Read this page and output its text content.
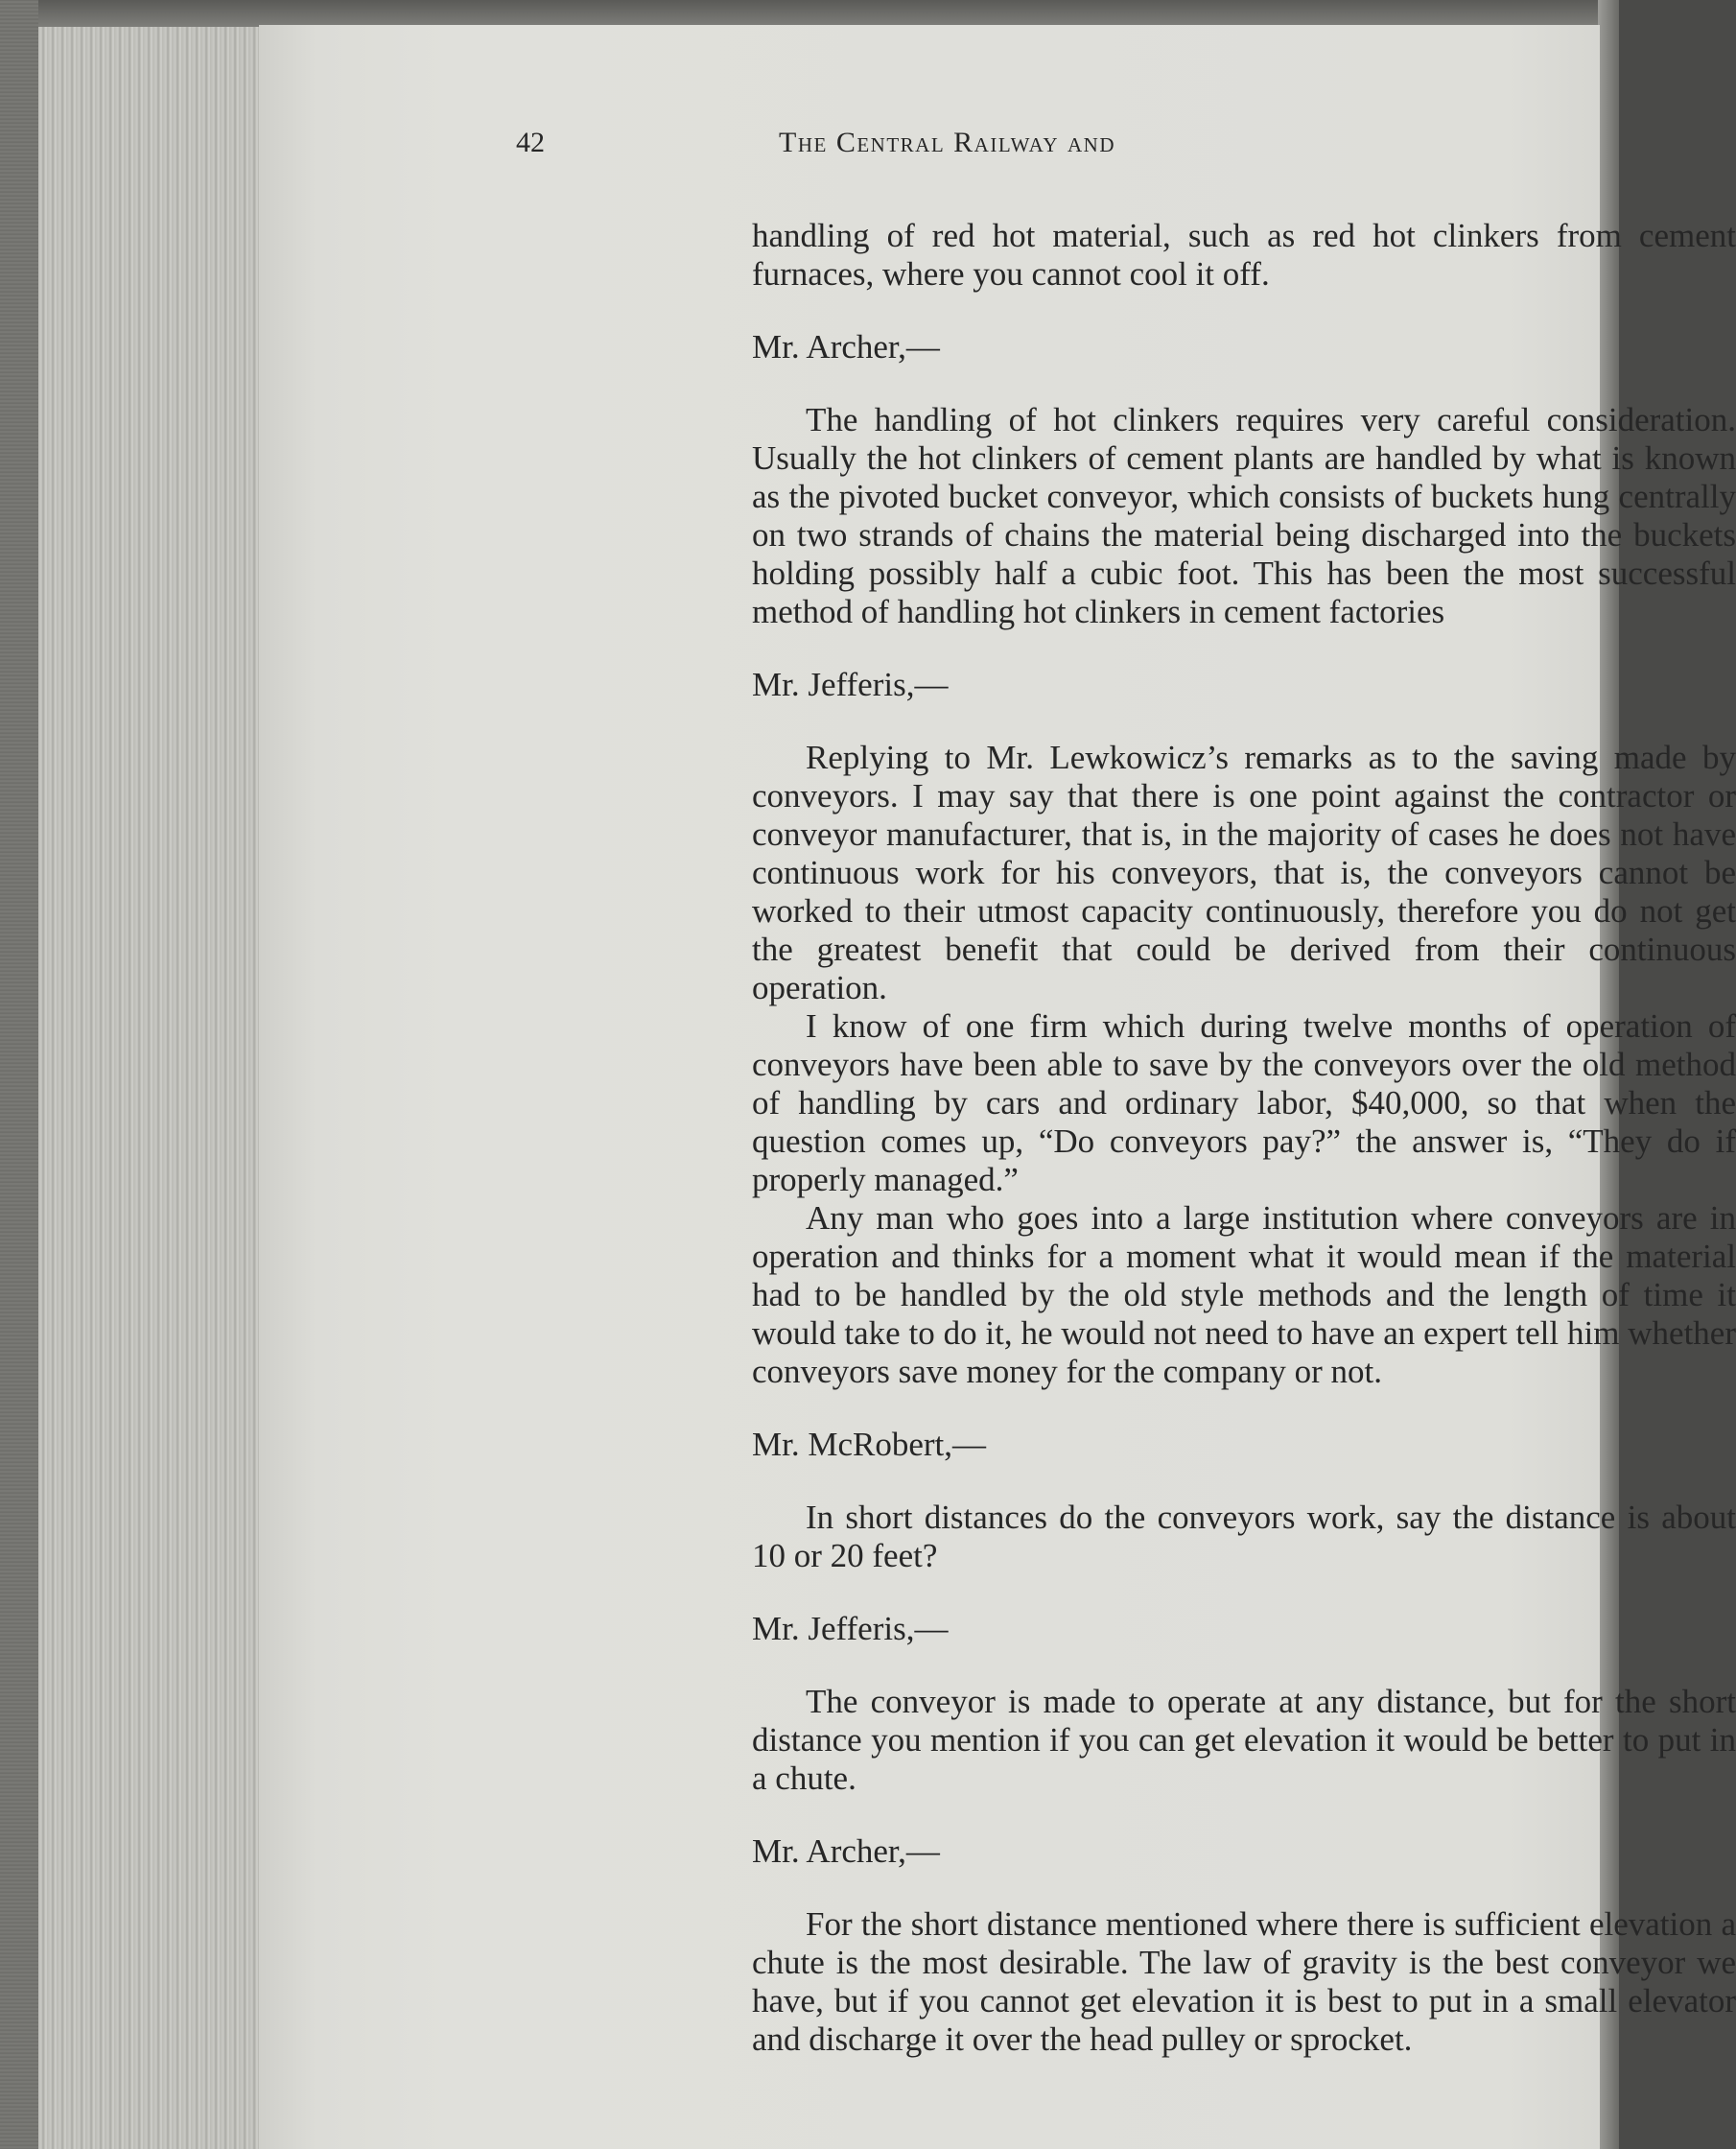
42	The Central Railway and

handling of red hot material, such as red hot clinkers from cement furnaces, where you cannot cool it off.

Mr. Archer,—

The handling of hot clinkers requires very careful consideration. Usually the hot clinkers of cement plants are handled by what is known as the pivoted bucket conveyor, which consists of buckets hung centrally on two strands of chains the material being discharged into the buckets holding possibly half a cubic foot. This has been the most successful method of handling hot clinkers in cement factories

Mr. Jefferis,—

Replying to Mr. Lewkowicz’s remarks as to the saving made by conveyors. I may say that there is one point against the contractor or conveyor manufacturer, that is, in the majority of cases he does not have continuous work for his conveyors, that is, the conveyors cannot be worked to their utmost capacity continuously, therefore you do not get the greatest benefit that could be derived from their continuous operation.

I know of one firm which during twelve months of operation of conveyors have been able to save by the conveyors over the old method of handling by cars and ordinary labor, $40,000, so that when the question comes up, “Do conveyors pay?” the answer is, “They do if properly managed.”

Any man who goes into a large institution where conveyors are in operation and thinks for a moment what it would mean if the material had to be handled by the old style methods and the length of time it would take to do it, he would not need to have an expert tell him whether conveyors save money for the company or not.

Mr. McRobert,—

In short distances do the conveyors work, say the distance is about 10 or 20 feet?

Mr. Jefferis,—

The conveyor is made to operate at any distance, but for the short distance you mention if you can get elevation it would be better to put in a chute.

Mr. Archer,—

For the short distance mentioned where there is sufficient elevation a chute is the most desirable. The law of gravity is the best conveyor we have, but if you cannot get elevation it is best to put in a small elevator and discharge it over the head pulley or sprocket.
